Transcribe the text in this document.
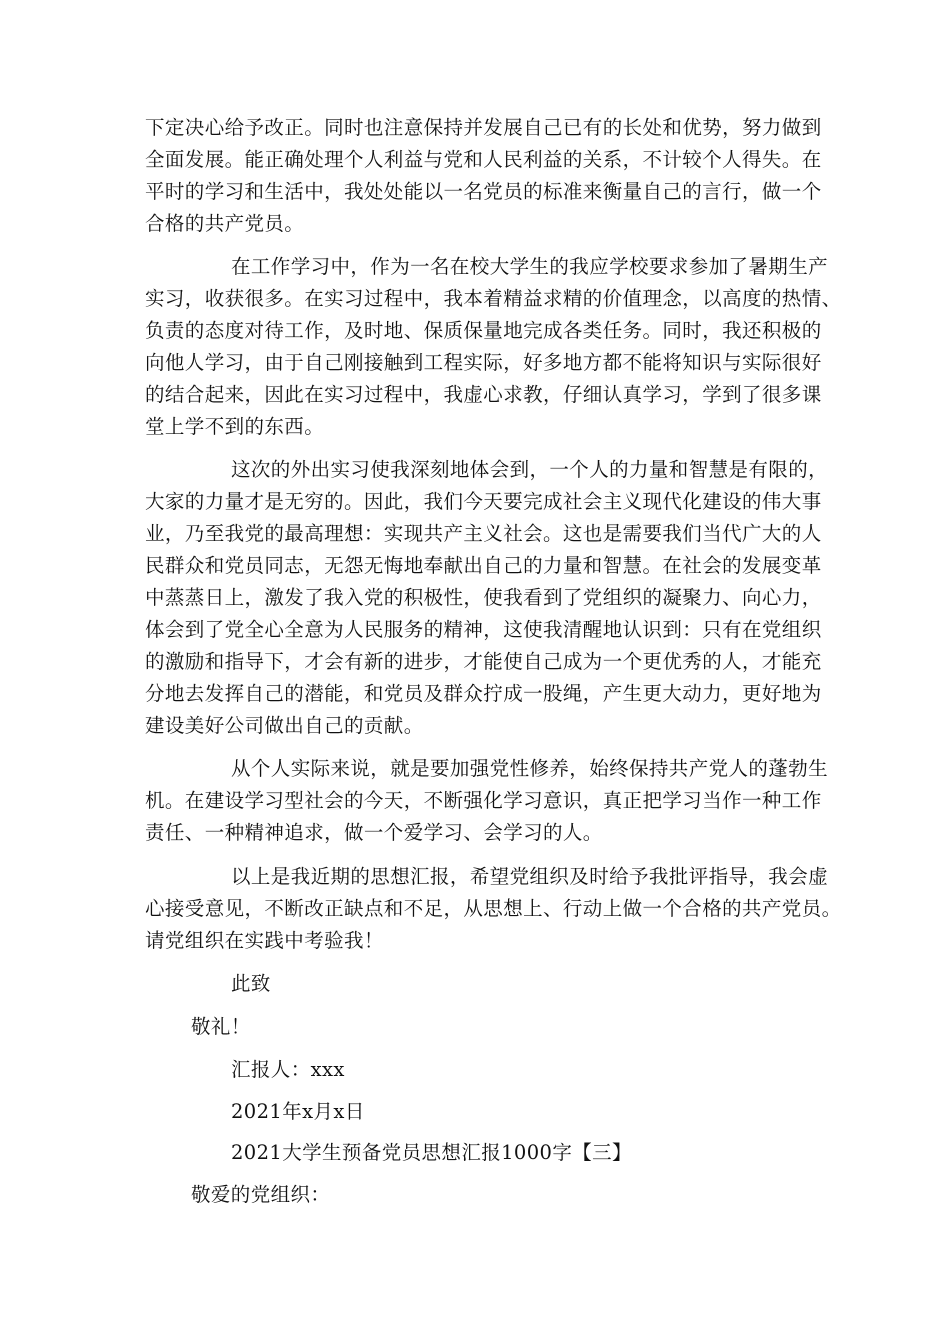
下定决心给予改正。同时也注意保持并发展自己已有的长处和优势，努力做到
全面发展。能正确处理个人利益与党和人民利益的关系，不计较个人得失。在
平时的学习和生活中，我处处能以一名党员的标准来衡量自己的言行，做一个
合格的共产党员。
在工作学习中，作为一名在校大学生的我应学校要求参加了暑期生产
实习，收获很多。在实习过程中，我本着精益求精的价值理念，以高度的热情、
负责的态度对待工作，及时地、保质保量地完成各类任务。同时，我还积极的
向他人学习，由于自己刚接触到工程实际，好多地方都不能将知识与实际很好
的结合起来，因此在实习过程中，我虚心求教，仔细认真学习，学到了很多课
堂上学不到的东西。
这次的外出实习使我深刻地体会到，一个人的力量和智慧是有限的，
大家的力量才是无穷的。因此，我们今天要完成社会主义现代化建设的伟大事
业，乃至我党的最高理想：实现共产主义社会。这也是需要我们当代广大的人
民群众和党员同志，无怨无悔地奉献出自己的力量和智慧。在社会的发展变革
中蒸蒸日上，激发了我入党的积极性，使我看到了党组织的凝聚力、向心力，
体会到了党全心全意为人民服务的精神，这使我清醒地认识到：只有在党组织
的激励和指导下，才会有新的进步，才能使自己成为一个更优秀的人，才能充
分地去发挥自己的潜能，和党员及群众拧成一股绳，产生更大动力，更好地为
建设美好公司做出自己的贡献。
从个人实际来说，就是要加强党性修养，始终保持共产党人的蓬勃生
机。在建设学习型社会的今天，不断强化学习意识，真正把学习当作一种工作
责任、一种精神追求，做一个爱学习、会学习的人。
以上是我近期的思想汇报，希望党组织及时给予我批评指导，我会虚
心接受意见，不断改正缺点和不足，从思想上、行动上做一个合格的共产党员。
请党组织在实践中考验我！
此致
敬礼！
汇报人：xxx
2021年x月x日
2021大学生预备党员思想汇报1000字【三】
敬爱的党组织：
